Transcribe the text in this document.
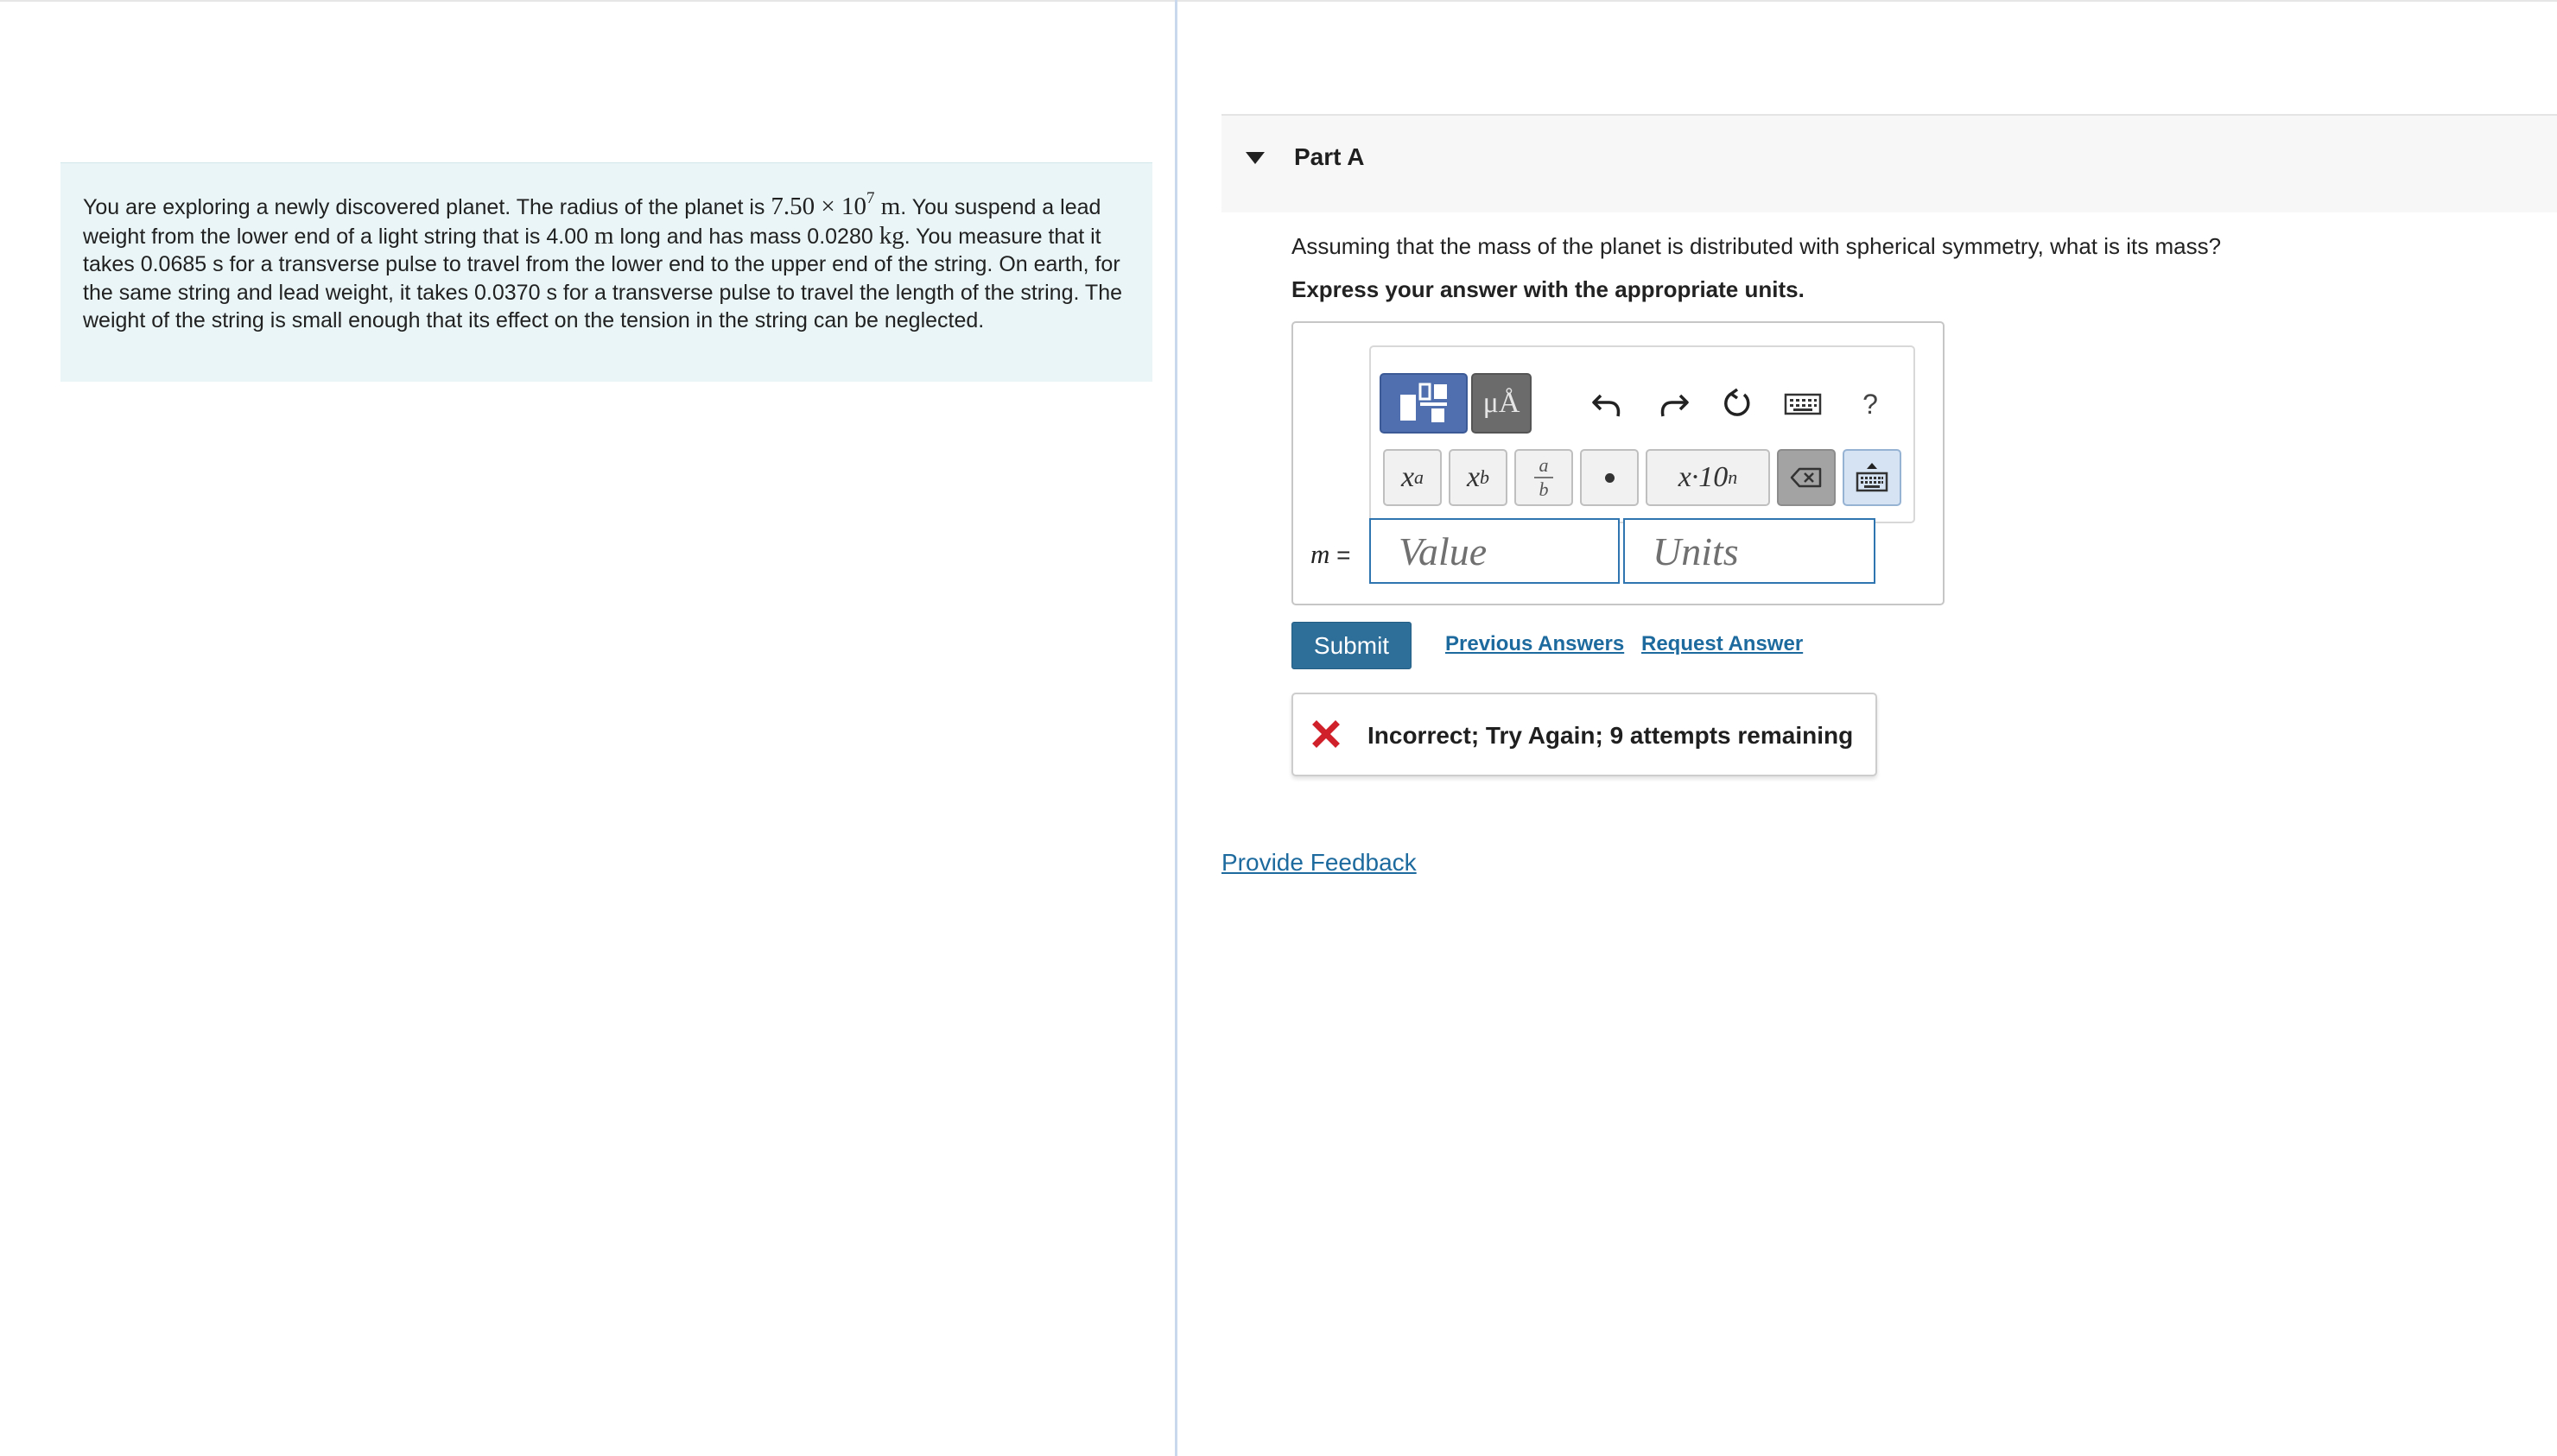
You are exploring a newly discovered planet. The radius of the planet is $7.50 \times 10^7$ m. You suspend a lead weight from the lower end of a light string that is 4.00 m long and has mass 0.0280 kg. You measure that it takes 0.0685 s for a transverse pulse to travel from the lower end to the upper end of the string. On earth, for the same string and lead weight, it takes 0.0370 s for a transverse pulse to travel the length of the string. The weight of the string is small enough that its effect on the tension in the string can be neglected.
Part A
Assuming that the mass of the planet is distributed with spherical symmetry, what is its mass?
Express your answer with the appropriate units.
μÅ	?
x a x b $\frac{a}{b}$	x·10 n
m =
Value
Units
Submit	Previous Answers Request Answer
Incorrect; Try Again; 9 attempts remaining
Provide Feedback
